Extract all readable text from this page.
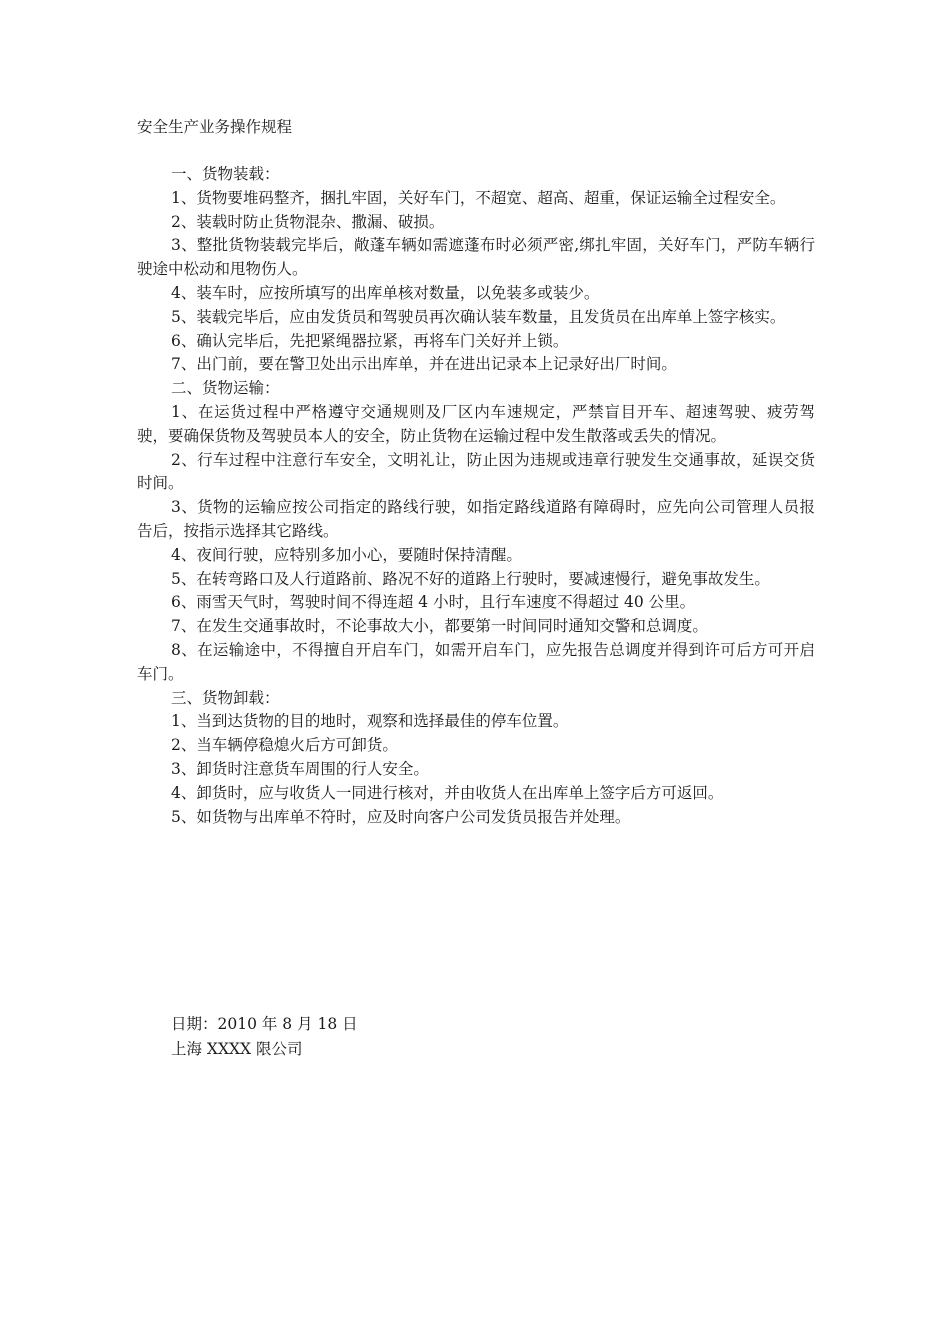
安全生产业务操作规程

一、货物装载：

1、货物要堆码整齐，捆扎牢固，关好车门，不超宽、超高、超重，保证运输全过程安全。

2、装载时防止货物混杂、撒漏、破损。

3、整批货物装载完毕后，敞蓬车辆如需遮蓬布时必须严密,绑扎牢固，关好车门，严防车辆行驶途中松动和甩物伤人。

4、装车时，应按所填写的出库单核对数量，以免装多或装少。

5、装载完毕后，应由发货员和驾驶员再次确认装车数量，且发货员在出库单上签字核实。

6、确认完毕后，先把紧绳器拉紧，再将车门关好并上锁。

7、出门前，要在警卫处出示出库单，并在进出记录本上记录好出厂时间。

二、货物运输：

1、在运货过程中严格遵守交通规则及厂区内车速规定，严禁盲目开车、超速驾驶、疲劳驾驶，要确保货物及驾驶员本人的安全，防止货物在运输过程中发生散落或丢失的情况。

2、行车过程中注意行车安全，文明礼让，防止因为违规或违章行驶发生交通事故，延误交货时间。

3、货物的运输应按公司指定的路线行驶，如指定路线道路有障碍时，应先向公司管理人员报告后，按指示选择其它路线。

4、夜间行驶，应特别多加小心，要随时保持清醒。

5、在转弯路口及人行道路前、路况不好的道路上行驶时，要减速慢行，避免事故发生。

6、雨雪天气时，驾驶时间不得连超 4 小时，且行车速度不得超过 40 公里。

7、在发生交通事故时，不论事故大小，都要第一时间同时通知交警和总调度。

8、在运输途中，不得擅自开启车门，如需开启车门，应先报告总调度并得到许可后方可开启车门。

三、货物卸载：

1、当到达货物的目的地时，观察和选择最佳的停车位置。

2、当车辆停稳熄火后方可卸货。

3、卸货时注意货车周围的行人安全。

4、卸货时，应与收货人一同进行核对，并由收货人在出库单上签字后方可返回。

5、如货物与出库单不符时，应及时向客户公司发货员报告并处理。

日期：2010 年 8 月 18 日
上海 XXXX 限公司
